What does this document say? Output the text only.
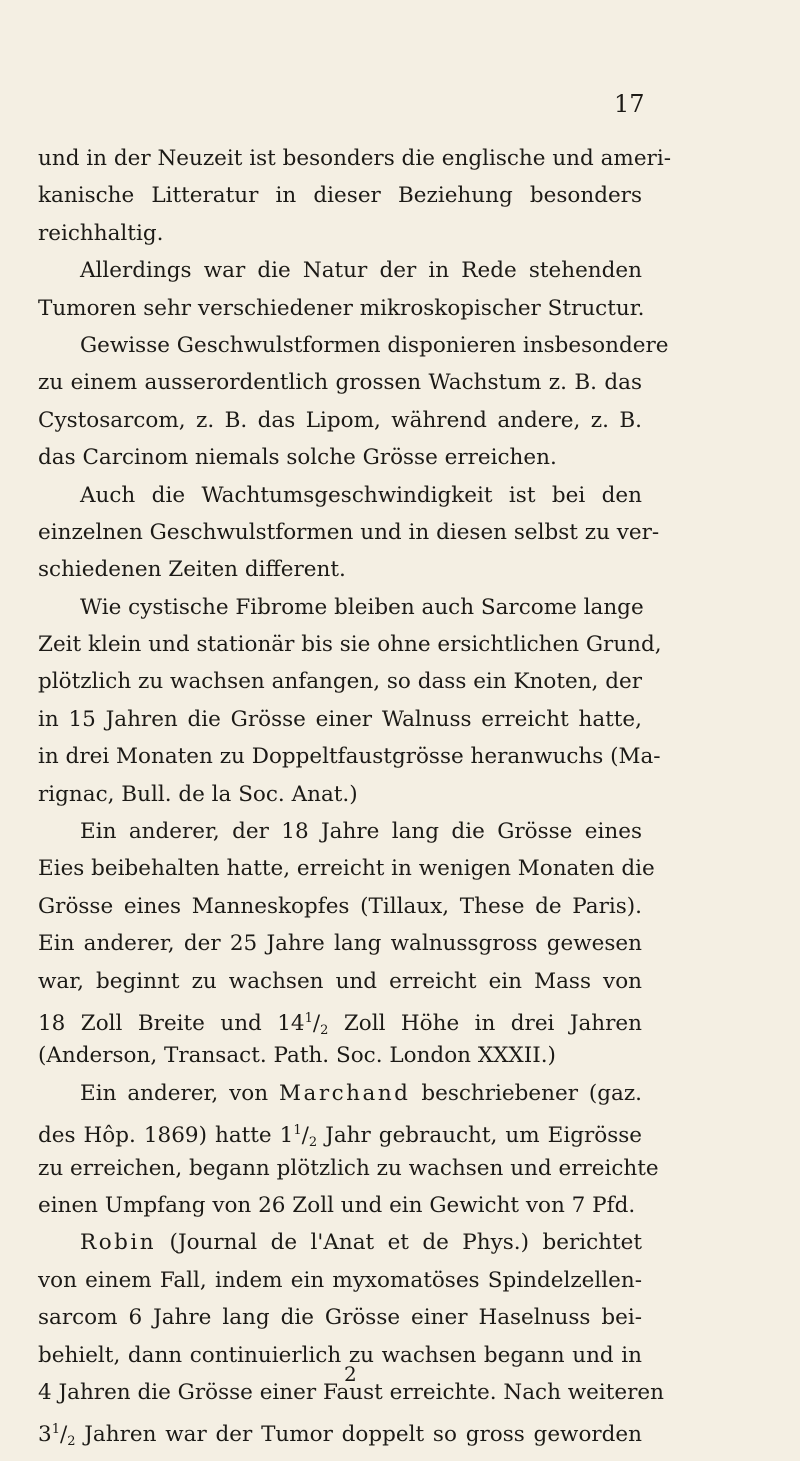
17
und in der Neuzeit ist besonders die englische und ameri-
kanische Litteratur in dieser Beziehung besonders
reichhaltig.
Allerdings war die Natur der in Rede stehenden
Tumoren sehr verschiedener mikroskopischer Structur.
Gewisse Geschwulstformen disponieren insbesondere
zu einem ausserordentlich grossen Wachstum z. B. das
Cystosarcom, z. B. das Lipom, während andere, z. B.
das Carcinom niemals solche Grösse erreichen.
Auch die Wachtumsgeschwindigkeit ist bei den
einzelnen Geschwulstformen und in diesen selbst zu ver-
schiedenen Zeiten different.
Wie cystische Fibrome bleiben auch Sarcome lange
Zeit klein und stationär bis sie ohne ersichtlichen Grund,
plötzlich zu wachsen anfangen, so dass ein Knoten, der
in 15 Jahren die Grösse einer Walnuss erreicht hatte,
in drei Monaten zu Doppeltfaustgrösse heranwuchs (Ma-
rignac, Bull. de la Soc. Anat.)
Ein anderer, der 18 Jahre lang die Grösse eines
Eies beibehalten hatte, erreicht in wenigen Monaten die
Grösse eines Manneskopfes (Tillaux, These de Paris).
Ein anderer, der 25 Jahre lang walnussgross gewesen
war, beginnt zu wachsen und erreicht ein Mass von
18 Zoll Breite und $14^1/_2$ Zoll Höhe in drei Jahren
(Anderson, Transact. Path. Soc. London XXXII.)
Ein anderer, von Marchand beschriebener (gaz.
des Hôp. 1869) hatte $1^1/_2$ Jahr gebraucht, um Eigrösse
zu erreichen, begann plötzlich zu wachsen und erreichte
einen Umpfang von 26 Zoll und ein Gewicht von 7 Pfd.
Robin (Journal de l'Anat et de Phys.) berichtet
von einem Fall, indem ein myxomatöses Spindelzellen-
sarcom 6 Jahre lang die Grösse einer Haselnuss bei-
behielt, dann continuierlich zu wachsen begann und in
4 Jahren die Grösse einer Faust erreichte. Nach weiteren
$3^1/_2$ Jahren war der Tumor doppelt so gross geworden
2
